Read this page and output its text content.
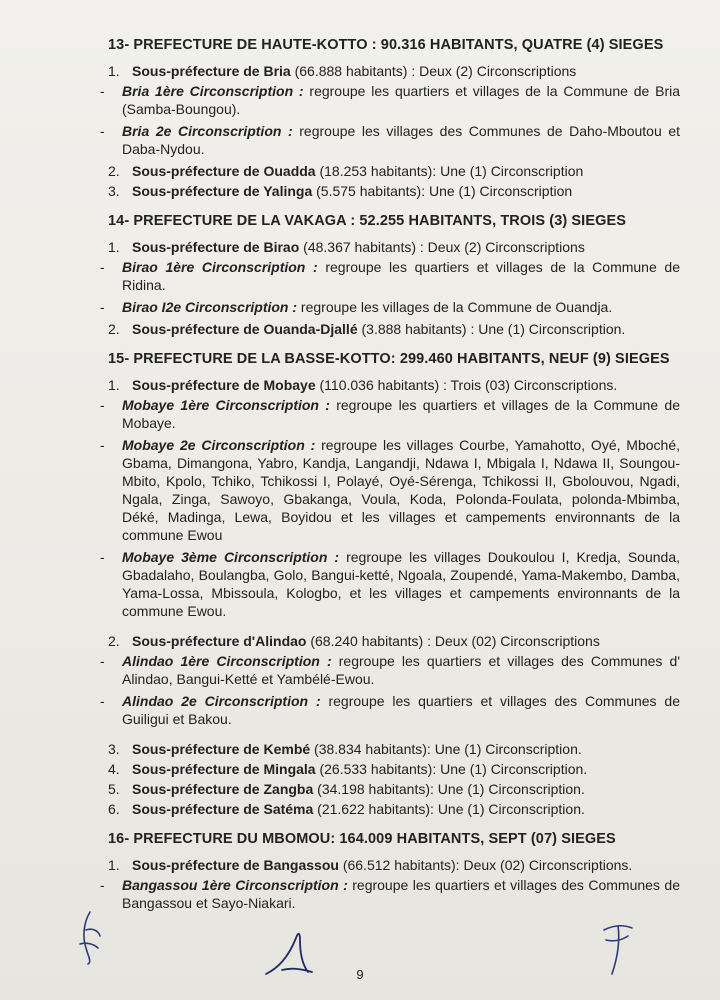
13- PREFECTURE DE HAUTE-KOTTO : 90.316 HABITANTS, QUATRE (4) SIEGES
1. Sous-préfecture de Bria (66.888 habitants) : Deux (2) Circonscriptions
- Bria 1ère Circonscription : regroupe les quartiers et villages de la Commune de Bria (Samba-Boungou).
- Bria 2e Circonscription : regroupe les villages des Communes de Daho-Mboutou et Daba-Nydou.
2. Sous-préfecture de Ouadda (18.253 habitants): Une (1) Circonscription
3. Sous-préfecture de Yalinga (5.575 habitants): Une (1) Circonscription
14- PREFECTURE DE LA VAKAGA : 52.255 HABITANTS, TROIS (3) SIEGES
1. Sous-préfecture de Birao (48.367 habitants) : Deux (2) Circonscriptions
- Birao 1ère Circonscription : regroupe les quartiers et villages de la Commune de Ridina.
- Birao I2e Circonscription : regroupe les villages de la Commune de Ouandja.
2. Sous-préfecture de Ouanda-Djallé (3.888 habitants) : Une (1) Circonscription.
15- PREFECTURE DE LA BASSE-KOTTO: 299.460 HABITANTS, NEUF (9) SIEGES
1. Sous-préfecture de Mobaye (110.036 habitants) : Trois (03) Circonscriptions.
- Mobaye 1ère Circonscription : regroupe les quartiers et villages de la Commune de Mobaye.
- Mobaye 2e Circonscription : regroupe les villages Courbe, Yamahotto, Oyé, Mboché, Gbama, Dimangona, Yabro, Kandja, Langandji, Ndawa I, Mbigala I, Ndawa II, Soungou-Mbito, Kpolo, Tchiko, Tchikossi I, Polayé, Oyé-Sérenga, Tchikossi II, Gbolouvou, Ngadi, Ngala, Zinga, Sawoyo, Gbakanga, Voula, Koda, Polonda-Foulata, polonda-Mbimba, Déké, Madinga, Lewa, Boyidou et les villages et campements environnants de la commune Ewou
- Mobaye 3ème Circonscription : regroupe les villages Doukoulou I, Kredja, Sounda, Gbadalaho, Boulangba, Golo, Bangui-ketté, Ngoala, Zoupendé, Yama-Makembo, Damba, Yama-Lossa, Mbissoula, Kologbo, et les villages et campements environnants de la commune Ewou.
2. Sous-préfecture d'Alindao (68.240 habitants) : Deux (02) Circonscriptions
- Alindao 1ère Circonscription : regroupe les quartiers et villages des Communes d' Alindao, Bangui-Ketté et Yambélé-Ewou.
- Alindao 2e Circonscription : regroupe les quartiers et villages des Communes de Guiligui et Bakou.
3. Sous-préfecture de Kembé (38.834 habitants): Une (1) Circonscription.
4. Sous-préfecture de Mingala (26.533 habitants): Une (1) Circonscription.
5. Sous-préfecture de Zangba (34.198 habitants): Une (1) Circonscription.
6. Sous-préfecture de Satéma (21.622 habitants): Une (1) Circonscription.
16- PREFECTURE DU MBOMOU: 164.009 HABITANTS, SEPT (07) SIEGES
1. Sous-préfecture de Bangassou (66.512 habitants): Deux (02) Circonscriptions.
- Bangassou 1ère Circonscription : regroupe les quartiers et villages des Communes de Bangassou et Sayo-Niakari.
9
